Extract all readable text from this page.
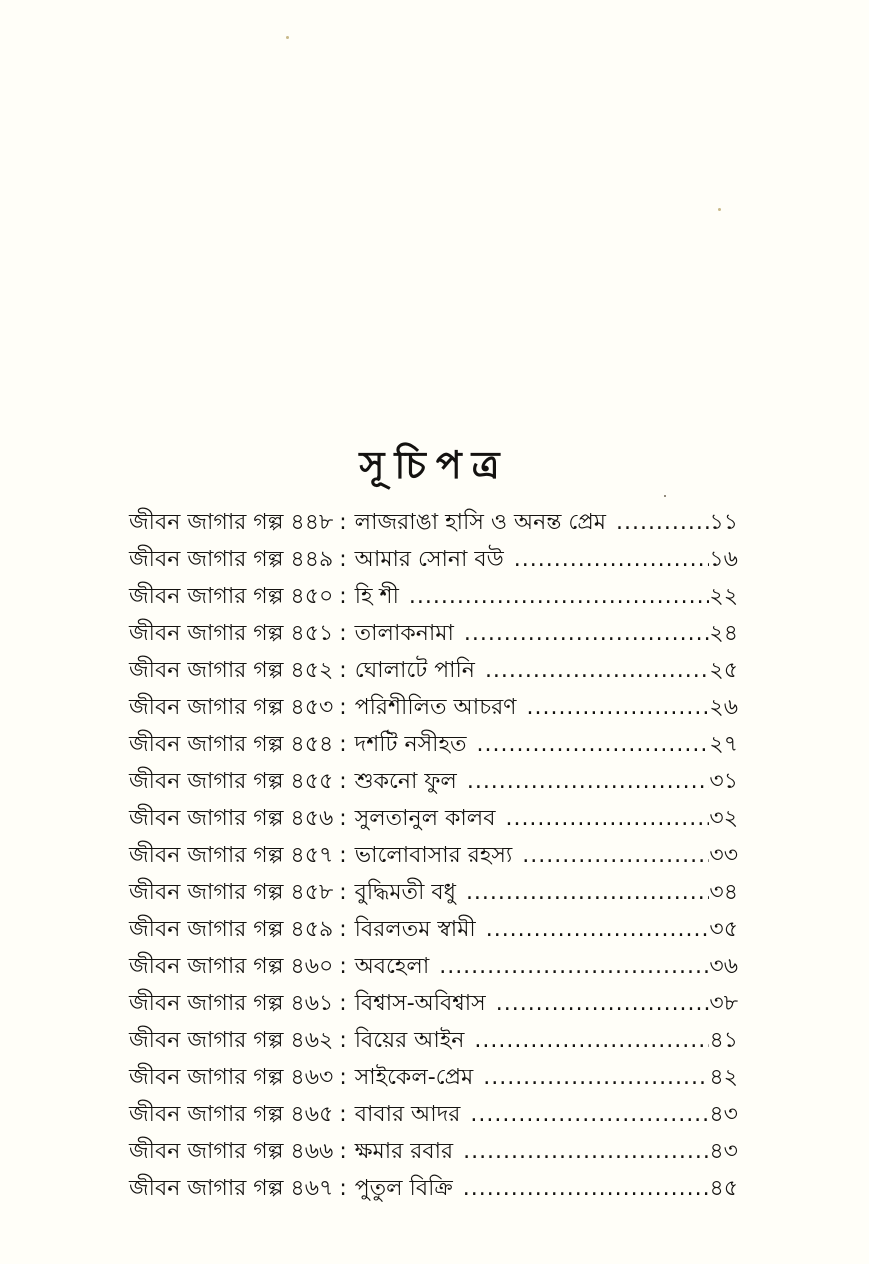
সূচিপত্র
জীবন জাগার গল্প ৪৪৮ : লাজরাঙা হাসি ও অনন্ত প্রেম .....	১১
জীবন জাগার গল্প ৪৪৯ : আমার সোনা বউ .....	১৬
জীবন জাগার গল্প ৪৫০ : হি শী .....	২২
জীবন জাগার গল্প ৪৫১ : তালাকনামা .....	২৪
জীবন জাগার গল্প ৪৫২ : ঘোলাটে পানি .....	২৫
জীবন জাগার গল্প ৪৫৩ : পরিশীলিত আচরণ .....	২৬
জীবন জাগার গল্প ৪৫৪ : দশটি নসীহত .....	২৭
জীবন জাগার গল্প ৪৫৫ : শুকনো ফুল .....	৩১
জীবন জাগার গল্প ৪৫৬ : সুলতানুল কালব .....	৩২
জীবন জাগার গল্প ৪৫৭ : ভালোবাসার রহস্য .....	৩৩
জীবন জাগার গল্প ৪৫৮ : বুদ্ধিমতী বধু .....	৩৪
জীবন জাগার গল্প ৪৫৯ : বিরলতম স্বামী .....	৩৫
জীবন জাগার গল্প ৪৬০ : অবহেলা .....	৩৬
জীবন জাগার গল্প ৪৬১ : বিশ্বাস-অবিশ্বাস .....	৩৮
জীবন জাগার গল্প ৪৬২ : বিয়ের আইন .....	৪১
জীবন জাগার গল্প ৪৬৩ : সাইকেল-প্রেম .....	৪২
জীবন জাগার গল্প ৪৬৫ : বাবার আদর .....	৪৩
জীবন জাগার গল্প ৪৬৬ : ক্ষমার রবার .....	৪৩
জীবন জাগার গল্প ৪৬৭ : পুতুল বিক্রি .....	৪৫
